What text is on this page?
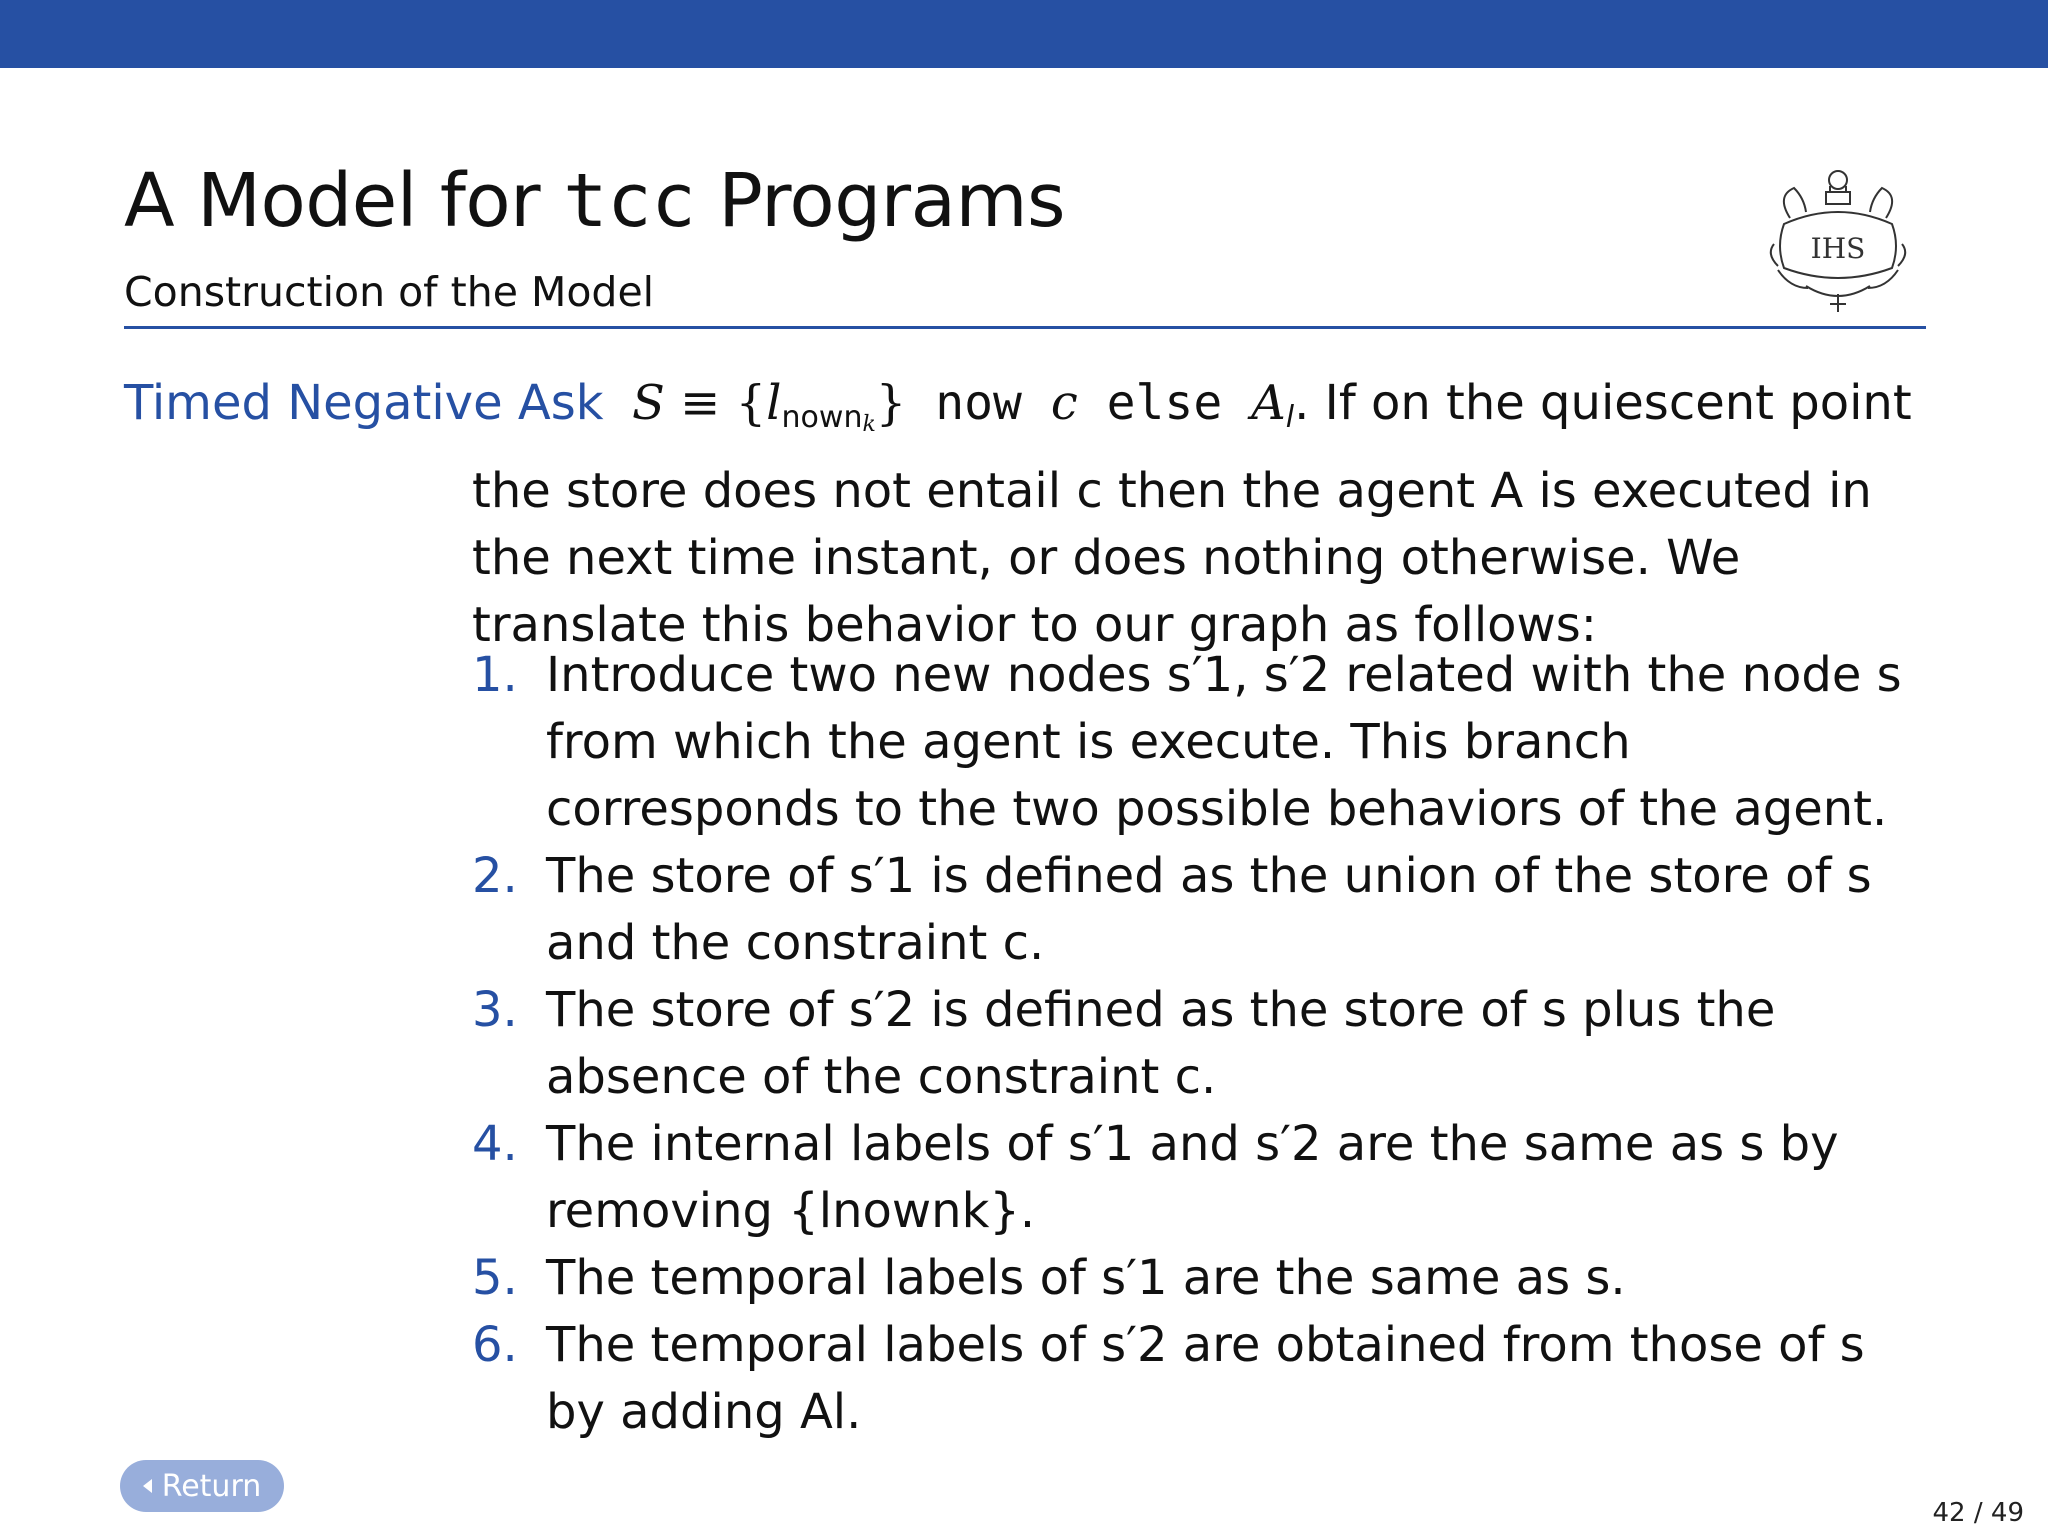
A Model for tcc Programs
Construction of the Model
IHS
Timed Negative Ask $S \equiv \{l_{nownk}\}$ now c else $A_l$. If on the quiescent point the store does not entail c then the agent A is executed in the next time instant, or does nothing otherwise. We translate this behavior to our graph as follows:
1. Introduce two new nodes s′1, s′2 related with the node s from which the agent is execute. This branch corresponds to the two possible behaviors of the agent.
2. The store of s′1 is defined as the union of the store of s and the constraint c.
3. The store of s′2 is defined as the store of s plus the absence of the constraint c.
4. The internal labels of s′1 and s′2 are the same as s by removing {lnownk}.
5. The temporal labels of s′1 are the same as s.
6. The temporal labels of s′2 are obtained from those of s by adding Al.
Return
42 / 49
